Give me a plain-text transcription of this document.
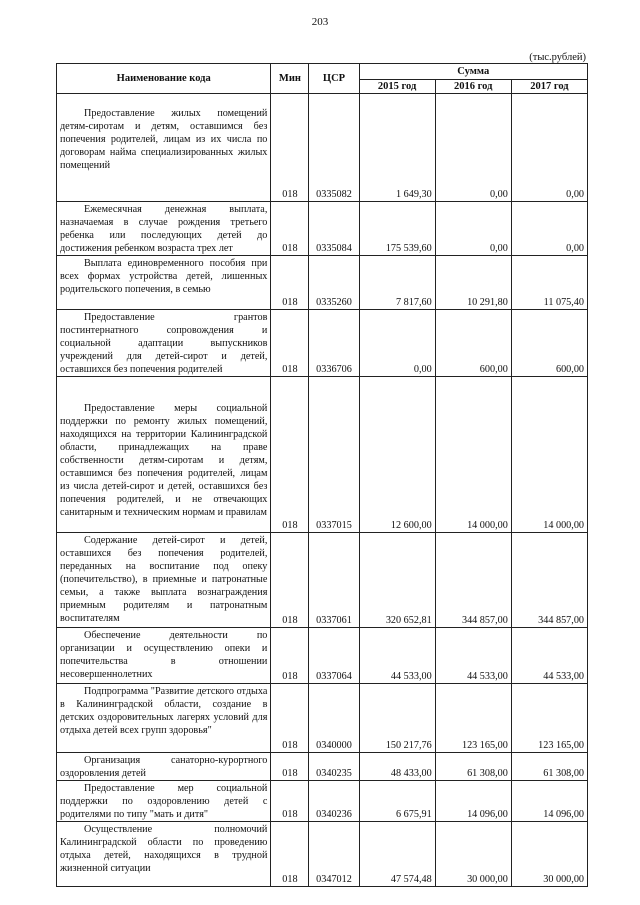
203
(тыс.рублей)
Наименование кода	Мин	ЦСР	Сумма		
			2015 год	2016 год	2017 год

Предоставление жилых помещений детям-сиротам и детям, оставшимся без попечения родителей, лицам из их числа по договорам найма специализированных жилых помещений	018	0335082	1 649,30	0,00	0,00

Ежемесячная денежная выплата, назначаемая в случае рождения третьего ребенка или последующих детей до достижения ребенком возраста трех лет	018	0335084	175 539,60	0,00	0,00

Выплата единовременного пособия при всех формах устройства детей, лишенных родительского попечения, в семью	018	0335260	7 817,60	10 291,80	11 075,40

Предоставление грантов постинтернатного сопровождения и социальной адаптации выпускников учреждений для детей-сирот и детей, оставшихся без попечения родителей	018	0336706	0,00	600,00	600,00

Предоставление меры социальной поддержки по ремонту жилых помещений, находящихся на территории Калининградской области, принадлежащих на праве собственности детям-сиротам и детям, оставшимся без попечения родителей, лицам из числа детей-сирот и детей, оставшихся без попечения родителей, и не отвечающих санитарным и техническим нормам и правилам	018	0337015	12 600,00	14 000,00	14 000,00

Содержание детей-сирот и детей, оставшихся без попечения родителей, переданных на воспитание под опеку (попечительство), в приемные и патронатные семьи, а также выплата вознаграждения приемным родителям и патронатным воспитателям	018	0337061	320 652,81	344 857,00	344 857,00

Обеспечение деятельности по организации и осуществлению опеки и попечительства в отношении несовершеннолетних	018	0337064	44 533,00	44 533,00	44 533,00

Подпрограмма "Развитие детского отдыха в Калининградской области, создание в детских оздоровительных лагерях условий для отдыха детей всех групп здоровья"	018	0340000	150 217,76	123 165,00	123 165,00

Организация санаторно-курортного оздоровления детей	018	0340235	48 433,00	61 308,00	61 308,00

Предоставление мер социальной поддержки по оздоровлению детей с родителями по типу "мать и дитя"	018	0340236	6 675,91	14 096,00	14 096,00

Осуществление полномочий Калининградской области по проведению отдыха детей, находящихся в трудной жизненной ситуации	018	0347012	47 574,48	30 000,00	30 000,00
